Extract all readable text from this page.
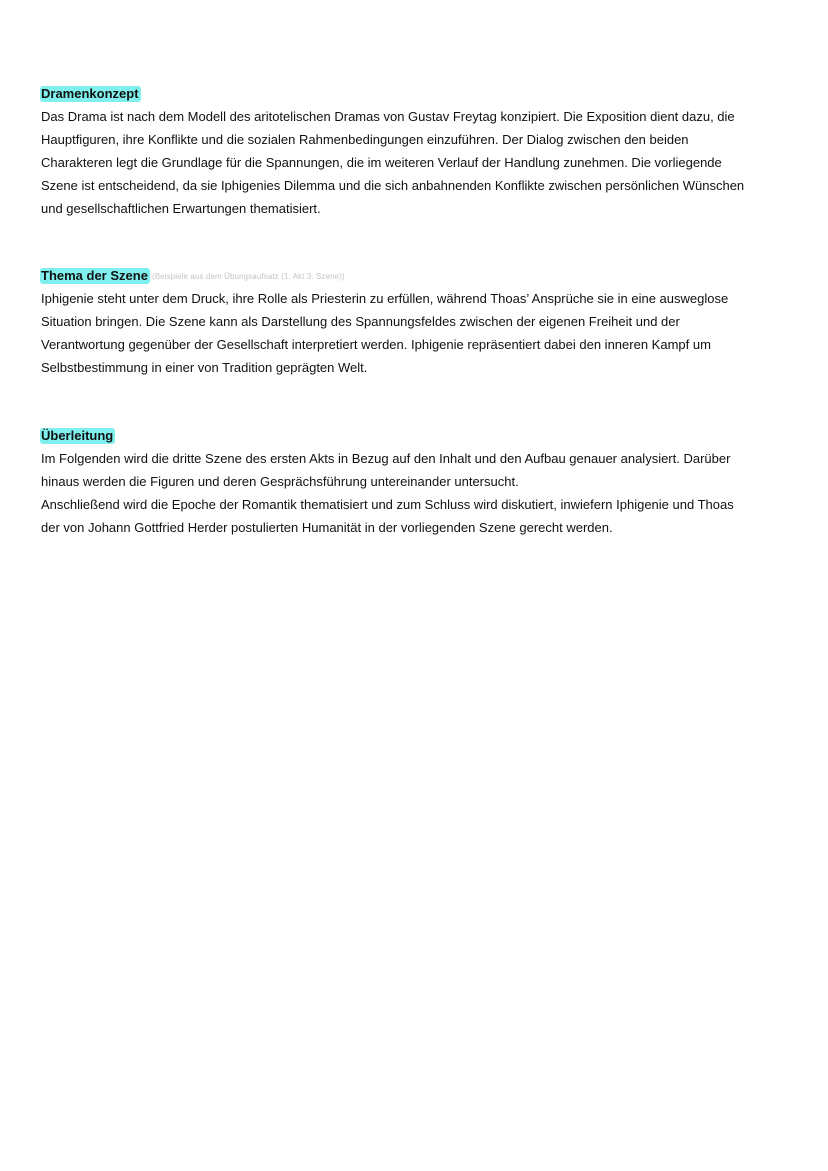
Dramenkonzept

Das Drama ist nach dem Modell des aritotelischen Dramas von Gustav Freytag konzipiert. Die Exposition dient dazu, die
Hauptfiguren, ihre Konflikte und die sozialen Rahmenbedingungen einzuführen. Der Dialog zwischen den beiden
Charakteren legt die Grundlage für die Spannungen, die im weiteren Verlauf der Handlung zunehmen. Die vorliegende
Szene ist entscheidend, da sie Iphigenies Dilemma und die sich anbahnenden Konflikte zwischen persönlichen Wünschen
und gesellschaftlichen Erwartungen thematisiert.

Thema der Szene (Beispiele aus dem Übungsaufsatz (1. Akt 3. Szene))

Iphigenie steht unter dem Druck, ihre Rolle als Priesterin zu erfüllen, während Thoas’ Ansprüche sie in eine ausweglose
Situation bringen. Die Szene kann als Darstellung des Spannungsfeldes zwischen der eigenen Freiheit und der
Verantwortung gegenüber der Gesellschaft interpretiert werden. Iphigenie repräsentiert dabei den inneren Kampf um
Selbstbestimmung in einer von Tradition geprägten Welt.

Überleitung

Im Folgenden wird die dritte Szene des ersten Akts in Bezug auf den Inhalt und den Aufbau genauer analysiert. Darüber
hinaus werden die Figuren und deren Gesprächsführung untereinander untersucht.
Anschließend wird die Epoche der Romantik thematisiert und zum Schluss wird diskutiert, inwiefern Iphigenie und Thoas
der von Johann Gottfried Herder postulierten Humanität in der vorliegenden Szene gerecht werden.
